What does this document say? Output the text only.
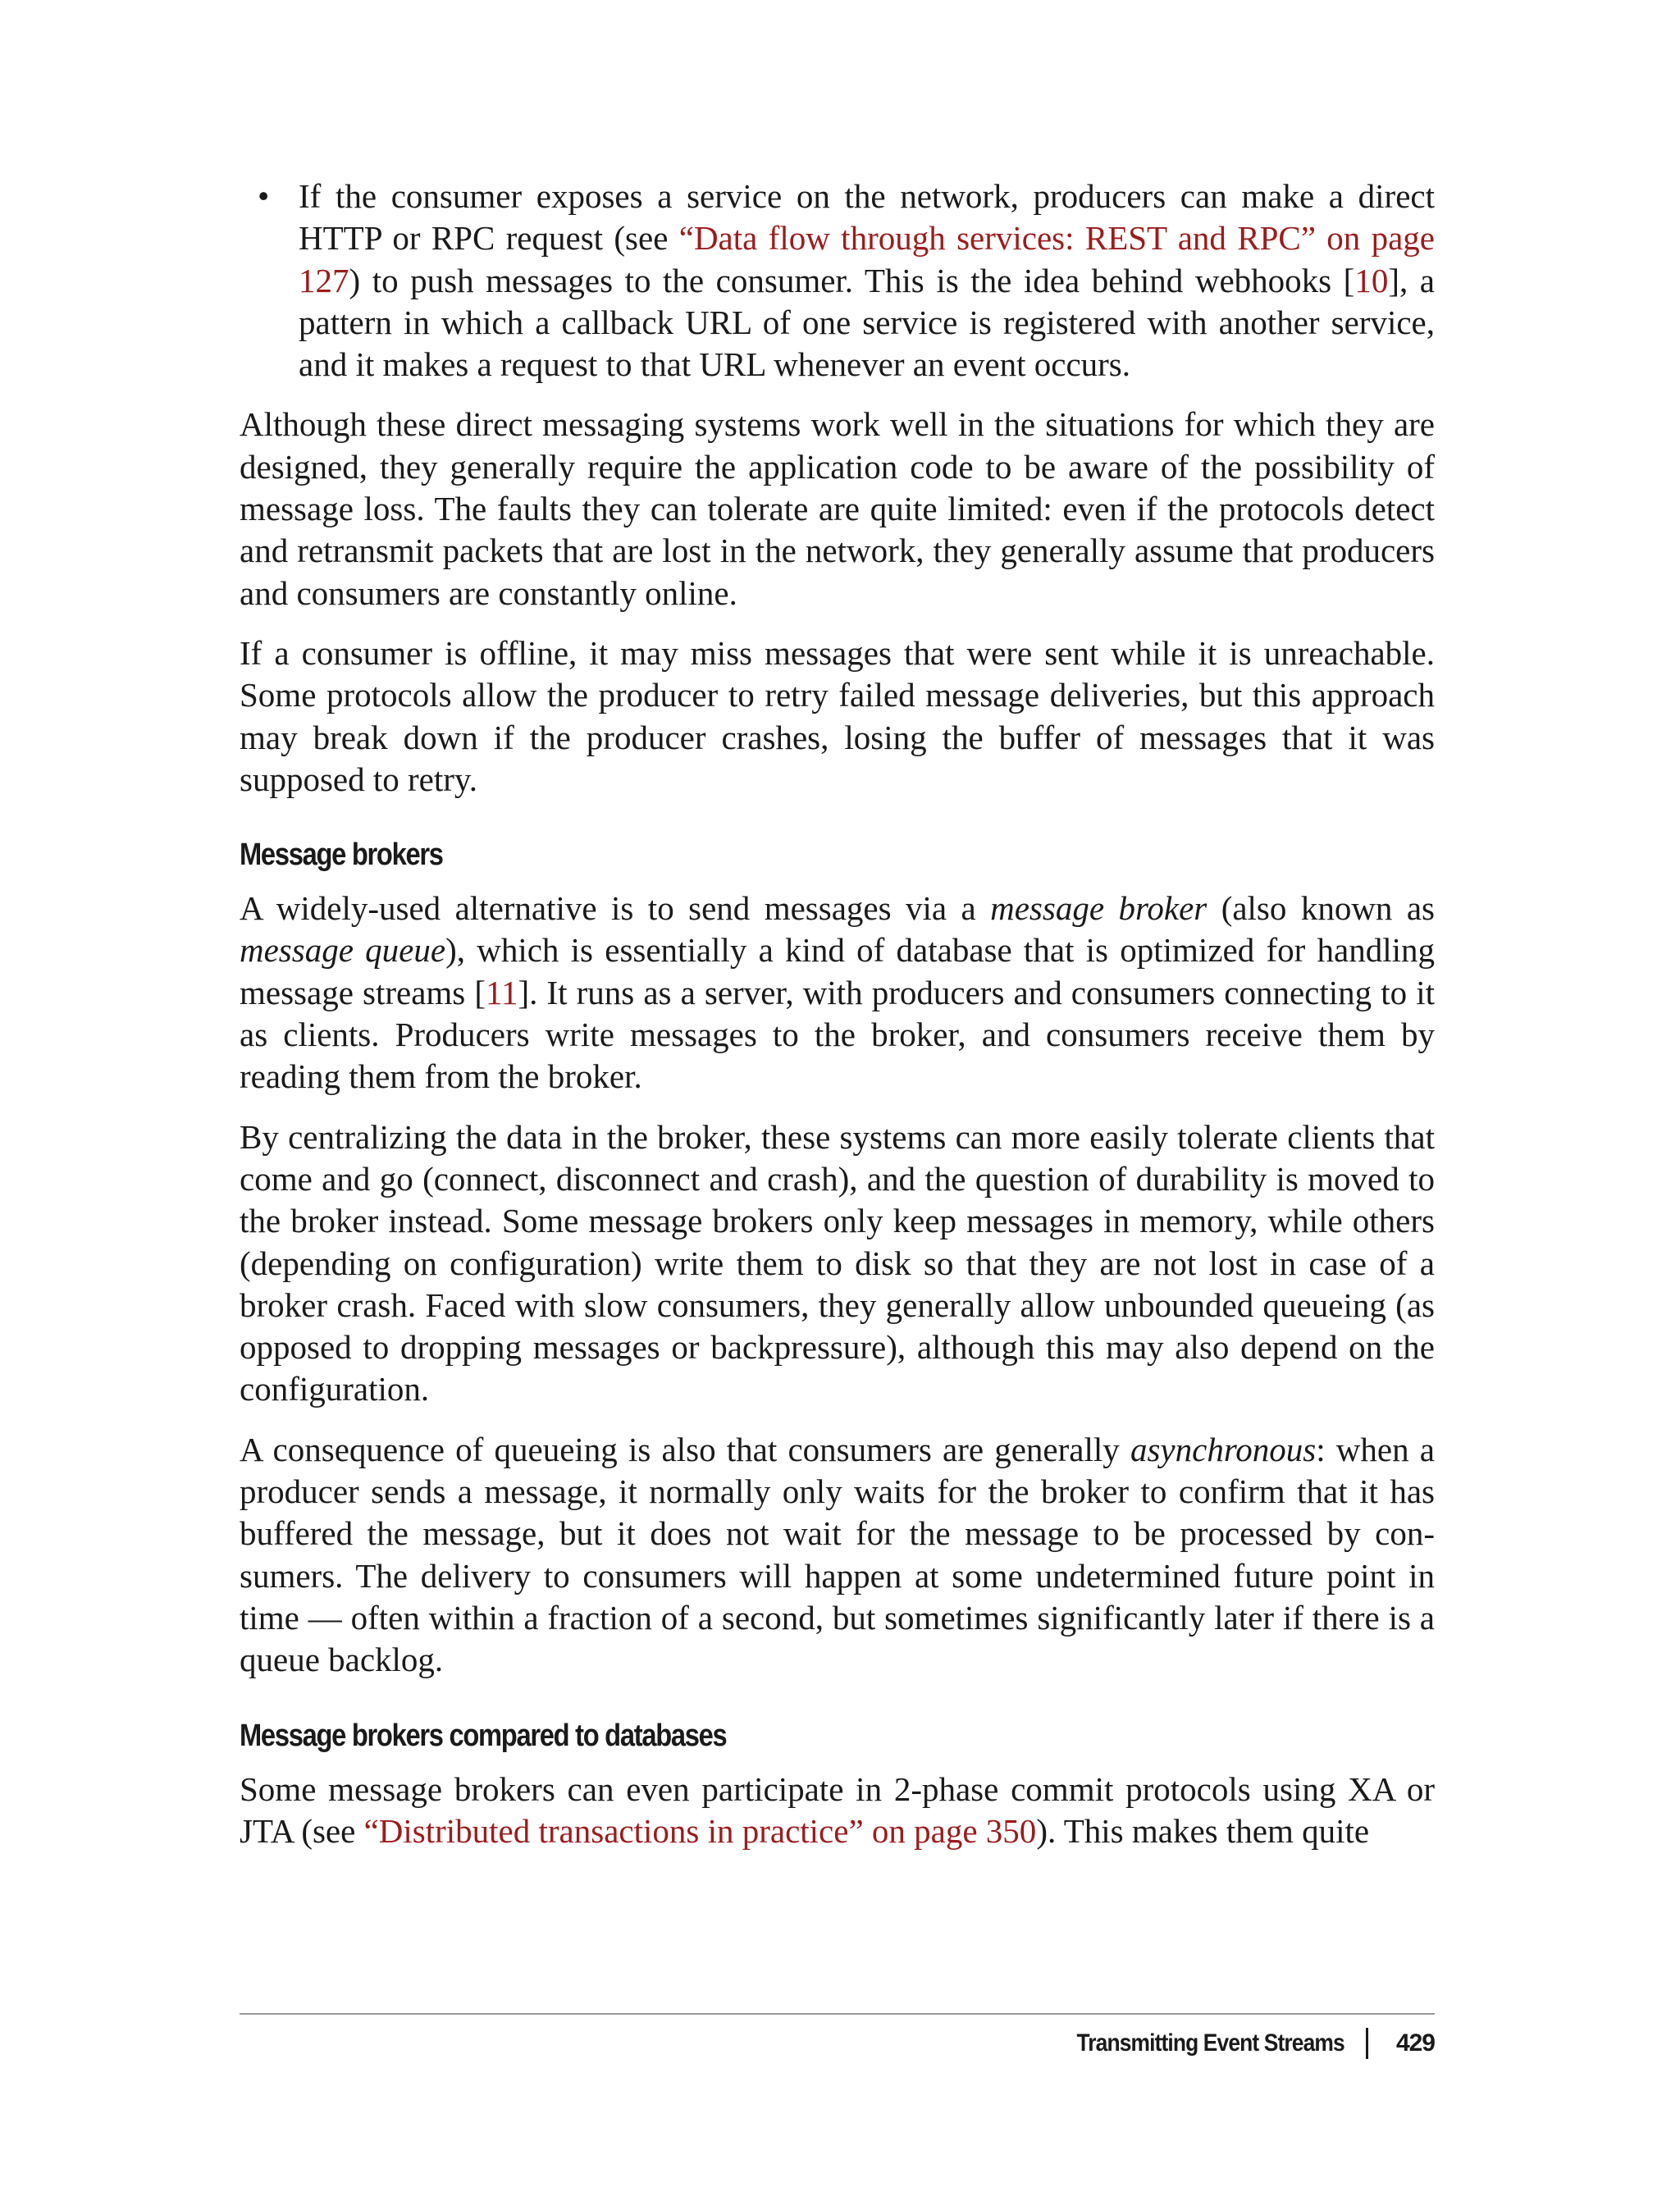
• If the consumer exposes a service on the network, producers can make a direct HTTP or RPC request (see “Data flow through services: REST and RPC” on page 127) to push messages to the consumer. This is the idea behind webhooks [10], a pattern in which a callback URL of one service is registered with another service, and it makes a request to that URL whenever an event occurs.

Although these direct messaging systems work well in the situations for which they are designed, they generally require the application code to be aware of the possibility of message loss. The faults they can tolerate are quite limited: even if the protocols detect and retransmit packets that are lost in the network, they generally assume that producers and consumers are constantly online.

If a consumer is offline, it may miss messages that were sent while it is unreachable. Some protocols allow the producer to retry failed message deliveries, but this approach may break down if the producer crashes, losing the buffer of messages that it was supposed to retry.

Message brokers

A widely-used alternative is to send messages via a message broker (also known as message queue), which is essentially a kind of database that is optimized for handling message streams [11]. It runs as a server, with producers and consumers connecting to it as clients. Producers write messages to the broker, and consumers receive them by reading them from the broker.

By centralizing the data in the broker, these systems can more easily tolerate clients that come and go (connect, disconnect and crash), and the question of durability is moved to the broker instead. Some message brokers only keep messages in memory, while others (depending on configuration) write them to disk so that they are not lost in case of a broker crash. Faced with slow consumers, they generally allow unbounded queueing (as opposed to dropping messages or backpressure), although this may also depend on the configuration.

A consequence of queueing is also that consumers are generally asynchronous: when a producer sends a message, it normally only waits for the broker to confirm that it has buffered the message, but it does not wait for the message to be processed by consumers. The delivery to consumers will happen at some undetermined future point in time — often within a fraction of a second, but sometimes significantly later if there is a queue backlog.

Message brokers compared to databases

Some message brokers can even participate in 2-phase commit protocols using XA or JTA (see “Distributed transactions in practice” on page 350). This makes them quite

Transmitting Event Streams 429
